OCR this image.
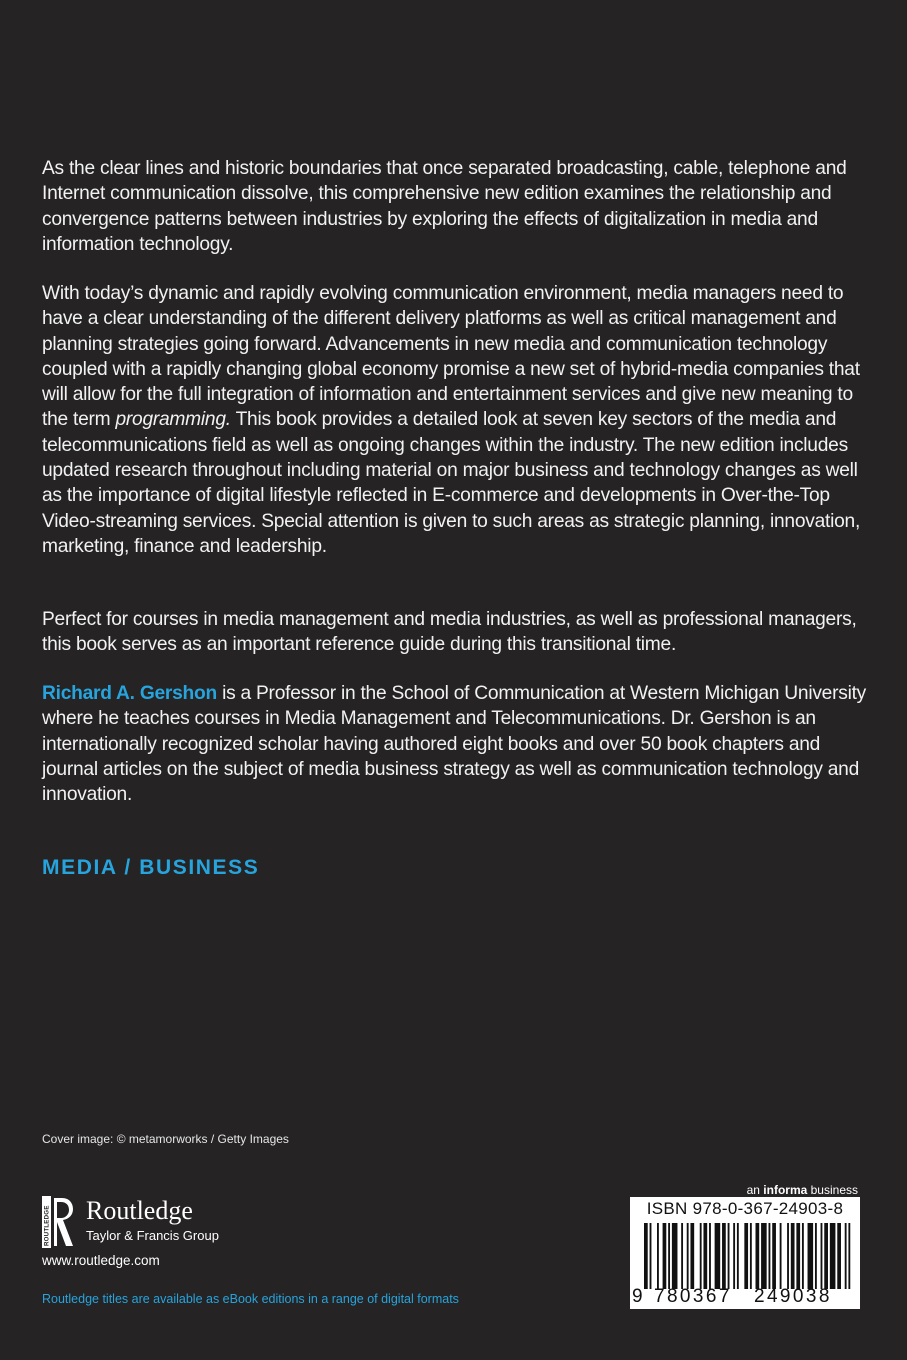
As the clear lines and historic boundaries that once separated broadcasting, cable, telephone and Internet communication dissolve, this comprehensive new edition examines the relationship and convergence patterns between industries by exploring the effects of digitalization in media and information technology.
With today’s dynamic and rapidly evolving communication environment, media managers need to have a clear understanding of the different delivery platforms as well as critical management and planning strategies going forward. Advancements in new media and communication technology coupled with a rapidly changing global economy promise a new set of hybrid-media companies that will allow for the full integration of information and entertainment services and give new meaning to the term programming. This book provides a detailed look at seven key sectors of the media and telecommunications field as well as ongoing changes within the industry. The new edition includes updated research throughout including material on major business and technology changes as well as the importance of digital lifestyle reflected in E-commerce and developments in Over-the-Top Video-streaming services. Special attention is given to such areas as strategic planning, innovation, marketing, finance and leadership.
Perfect for courses in media management and media industries, as well as professional managers, this book serves as an important reference guide during this transitional time.
Richard A. Gershon is a Professor in the School of Communication at Western Michigan University where he teaches courses in Media Management and Telecommunications. Dr. Gershon is an internationally recognized scholar having authored eight books and over 50 book chapters and journal articles on the subject of media business strategy as well as communication technology and innovation.
MEDIA / BUSINESS
Cover image: © metamorworks / Getty Images
ROUTLEDGE Routledge
Taylor & Francis Group
www.routledge.com
Routledge titles are available as eBook editions in a range of digital formats
an informa business
ISBN 978-0-367-24903-8
9 780367 249038
